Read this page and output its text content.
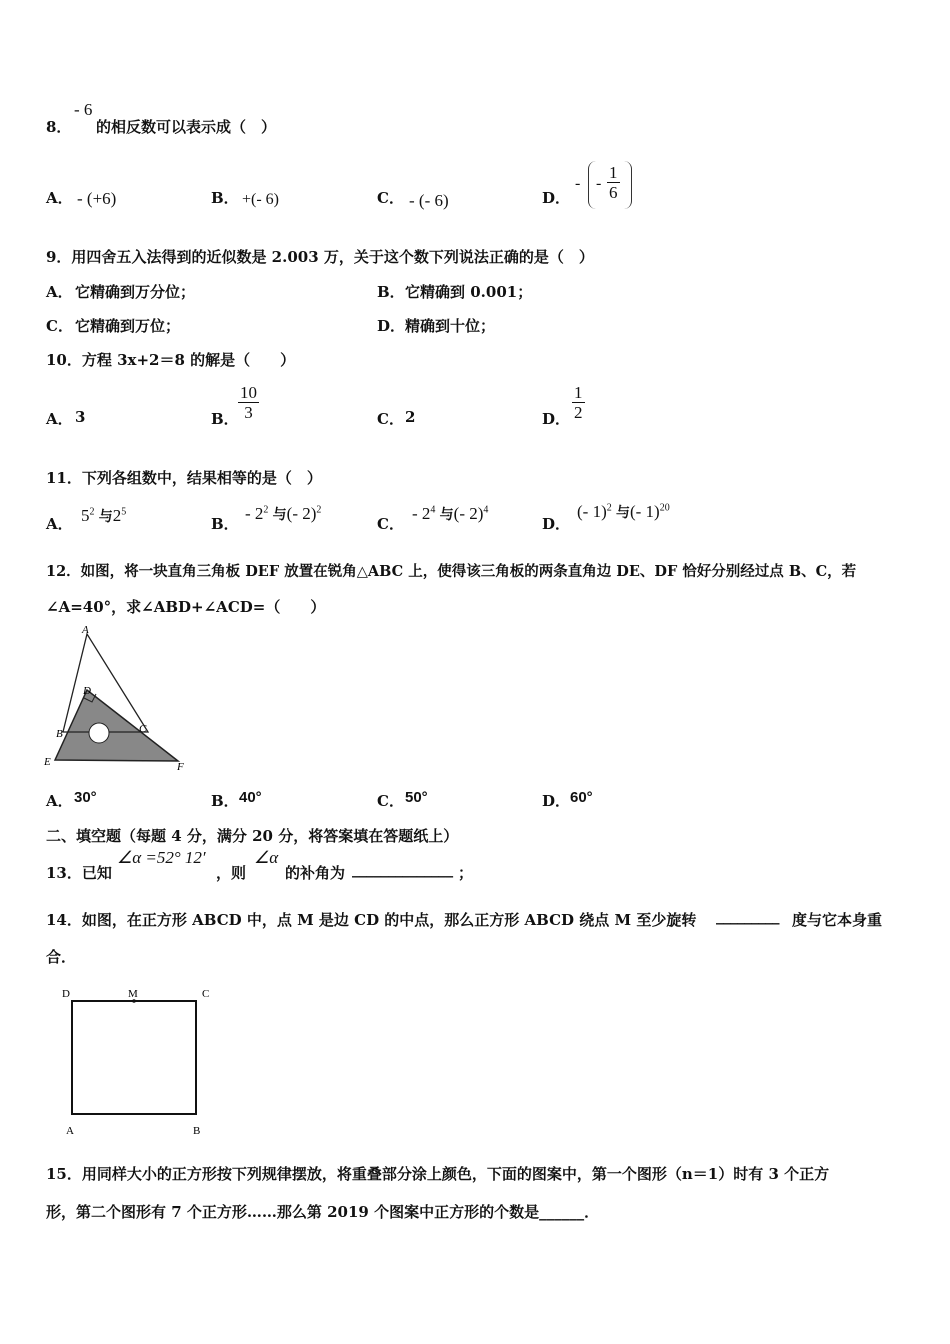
8．
- 6
的相反数可以表示成（　）
A． - (+6)	B． +(- 6)	C． - (- 6)	D．
- - $\frac{1}{6}$
9．用四舍五入法得到的近似数是 2.003 万，关于这个数下列说法正确的是（　）
A． 它精确到万分位；	B． 它精确到 0.001；
C． 它精确到万位；	D． 精确到十位；
10．方程 3x+2＝8 的解是（　　）
A． 3	B． $\frac{10}{3}$	C． 2	D． $\frac{1}{2}$
11．下列各组数中，结果相等的是（　）
A． $5^2$ 与$2^5$
B．
- $2^2$ 与(- 2)$^2$
C．
- $2^4$ 与(- 2)$^4$
D．
(- 1)$^2$ 与(- 1)$^{20}$
12．如图，将一块直角三角板 DEF 放置在锐角△ABC 上，使得该三角板的两条直角边 DE、DF 恰好分别经过点 B、C，若
∠A=40°，求∠ABD+∠ACD=（　　）
A
D
B	C
E	F
A． 30°	B． 40°	C． 50°	D． 60°
二、填空题（每题 4 分，满分 20 分，将答案填在答题纸上）
13．已知
∠α =52° 12′
，则
∠α
的补角为 ______________ ；
14．如图，在正方形 ABCD 中，点 M 是边 CD 的中点，那么正方形 ABCD 绕点 M 至少旋转 _________ 度与它本身重
合．
D	M	C
A	B
15．用同样大小的正方形按下列规律摆放，将重叠部分涂上颜色，下面的图案中，第一个图形（n＝1）时有 3 个正方
形，第二个图形有 7 个正方形……那么第 2019 个图案中正方形的个数是______．
